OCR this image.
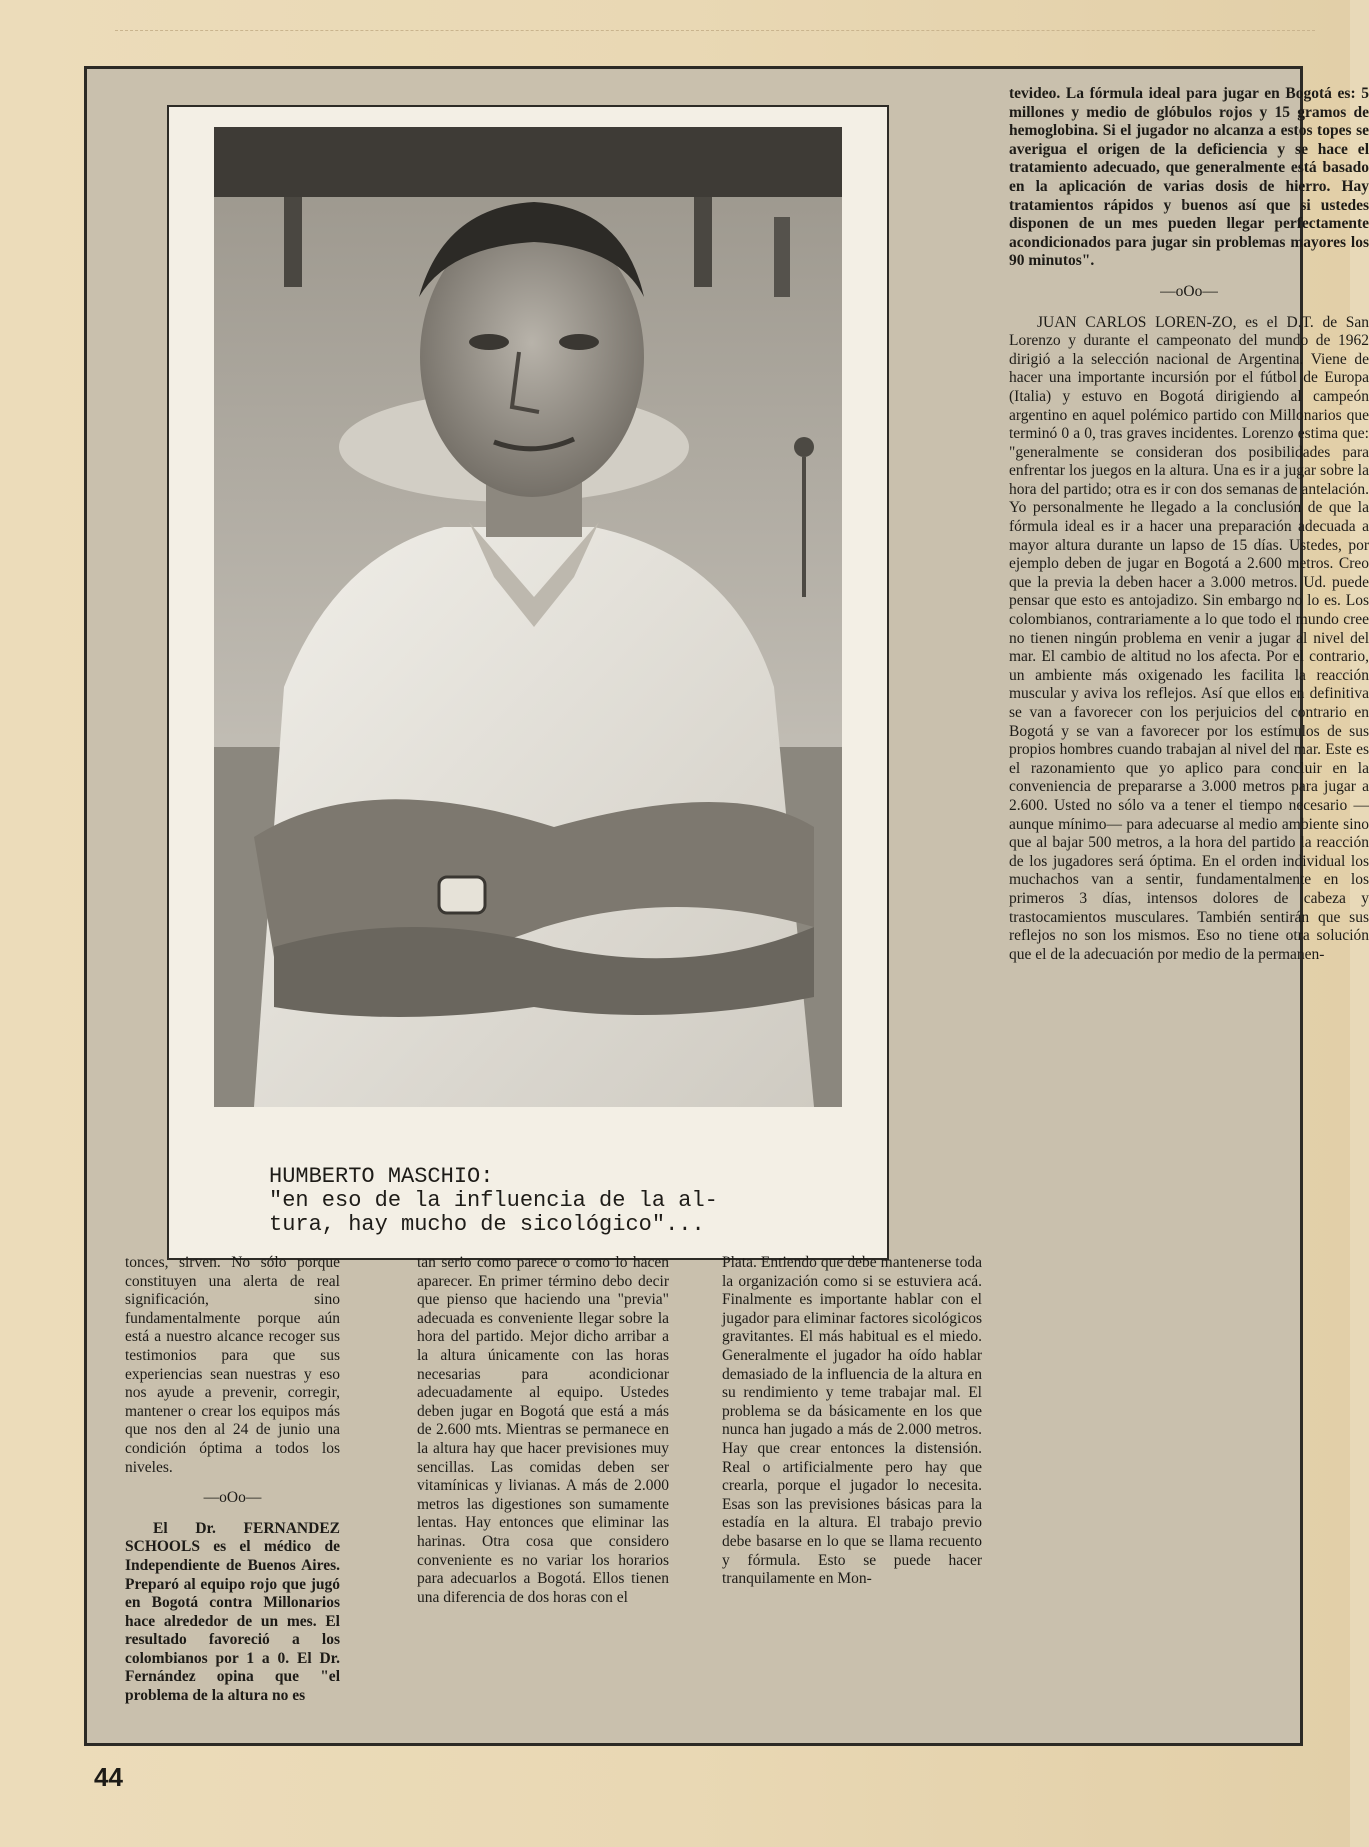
HUMBERTO MASCHIO:
"en eso de la influencia de la al-
tura, hay mucho de sicológico"...

tevideo. La fórmula ideal para jugar en Bogotá es: 5 millones y medio de glóbulos rojos y 15 gramos de hemoglobina. Si el jugador no alcanza a estos topes se averigua el origen de la deficiencia y se hace el tratamiento adecuado, que generalmente está basado en la aplicación de varias dosis de hierro. Hay tratamientos rápidos y buenos así que si ustedes disponen de un mes pueden llegar perfectamente acondicionados para jugar sin problemas mayores los 90 minutos".

—oOo—

JUAN CARLOS LOREN-ZO, es el D.T. de San Lorenzo y durante el campeonato del mundo de 1962 dirigió a la selección nacional de Argentina. Viene de hacer una importante incursión por el fútbol de Europa (Italia) y estuvo en Bogotá dirigiendo al campeón argentino en aquel polémico partido con Millonarios que terminó 0 a 0, tras graves incidentes. Lorenzo estima que: "generalmente se consideran dos posibilidades para enfrentar los juegos en la altura. Una es ir a jugar sobre la hora del partido; otra es ir con dos semanas de antelación. Yo personalmente he llegado a la conclusión de que la fórmula ideal es ir a hacer una preparación adecuada a mayor altura durante un lapso de 15 días. Ustedes, por ejemplo deben de jugar en Bogotá a 2.600 metros. Creo que la previa la deben hacer a 3.000 metros. Ud. puede pensar que esto es antojadizo. Sin embargo no lo es. Los colombianos, contrariamente a lo que todo el mundo cree no tienen ningún problema en venir a jugar al nivel del mar. El cambio de altitud no los afecta. Por el contrario, un ambiente más oxigenado les facilita la reacción muscular y aviva los reflejos. Así que ellos en definitiva se van a favorecer con los perjuicios del contrario en Bogotá y se van a favorecer por los estímulos de sus propios hombres cuando trabajan al nivel del mar. Este es el razonamiento que yo aplico para concluir en la conveniencia de prepararse a 3.000 metros para jugar a 2.600. Usted no sólo va a tener el tiempo necesario —aunque mínimo— para adecuarse al medio ambiente sino que al bajar 500 metros, a la hora del partido la reacción de los jugadores será óptima. En el orden individual los muchachos van a sentir, fundamentalmente en los primeros 3 días, intensos dolores de cabeza y trastocamientos musculares. También sentirán que sus reflejos no son los mismos. Eso no tiene otra solución que el de la adecuación por medio de la permanen-

tonces, sirven. No sólo porque constituyen una alerta de real significación, sino fundamentalmente porque aún está a nuestro alcance recoger sus testimonios para que sus experiencias sean nuestras y eso nos ayude a prevenir, corregir, mantener o crear los equipos más que nos den al 24 de junio una condición óptima a todos los niveles.

—oOo—

El Dr. FERNANDEZ SCHOOLS es el médico de Independiente de Buenos Aires. Preparó al equipo rojo que jugó en Bogotá contra Millonarios hace alrededor de un mes. El resultado favoreció a los colombianos por 1 a 0. El Dr. Fernández opina que "el problema de la altura no es

tan serio como parece o como lo hacen aparecer. En primer término debo decir que pienso que haciendo una "previa" adecuada es conveniente llegar sobre la hora del partido. Mejor dicho arribar a la altura únicamente con las horas necesarias para acondicionar adecuadamente al equipo. Ustedes deben jugar en Bogotá que está a más de 2.600 mts. Mientras se permanece en la altura hay que hacer previsiones muy sencillas. Las comidas deben ser vitamínicas y livianas. A más de 2.000 metros las digestiones son sumamente lentas. Hay entonces que eliminar las harinas. Otra cosa que considero conveniente es no variar los horarios para adecuarlos a Bogotá. Ellos tienen una diferencia de dos horas con el

Plata. Entiendo que debe mantenerse toda la organización como si se estuviera acá. Finalmente es importante hablar con el jugador para eliminar factores sicológicos gravitantes. El más habitual es el miedo. Generalmente el jugador ha oído hablar demasiado de la influencia de la altura en su rendimiento y teme trabajar mal. El problema se da básicamente en los que nunca han jugado a más de 2.000 metros. Hay que crear entonces la distensión. Real o artificialmente pero hay que crearla, porque el jugador lo necesita. Esas son las previsiones básicas para la estadía en la altura. El trabajo previo debe basarse en lo que se llama recuento y fórmula. Esto se puede hacer tranquilamente en Mon-

44
